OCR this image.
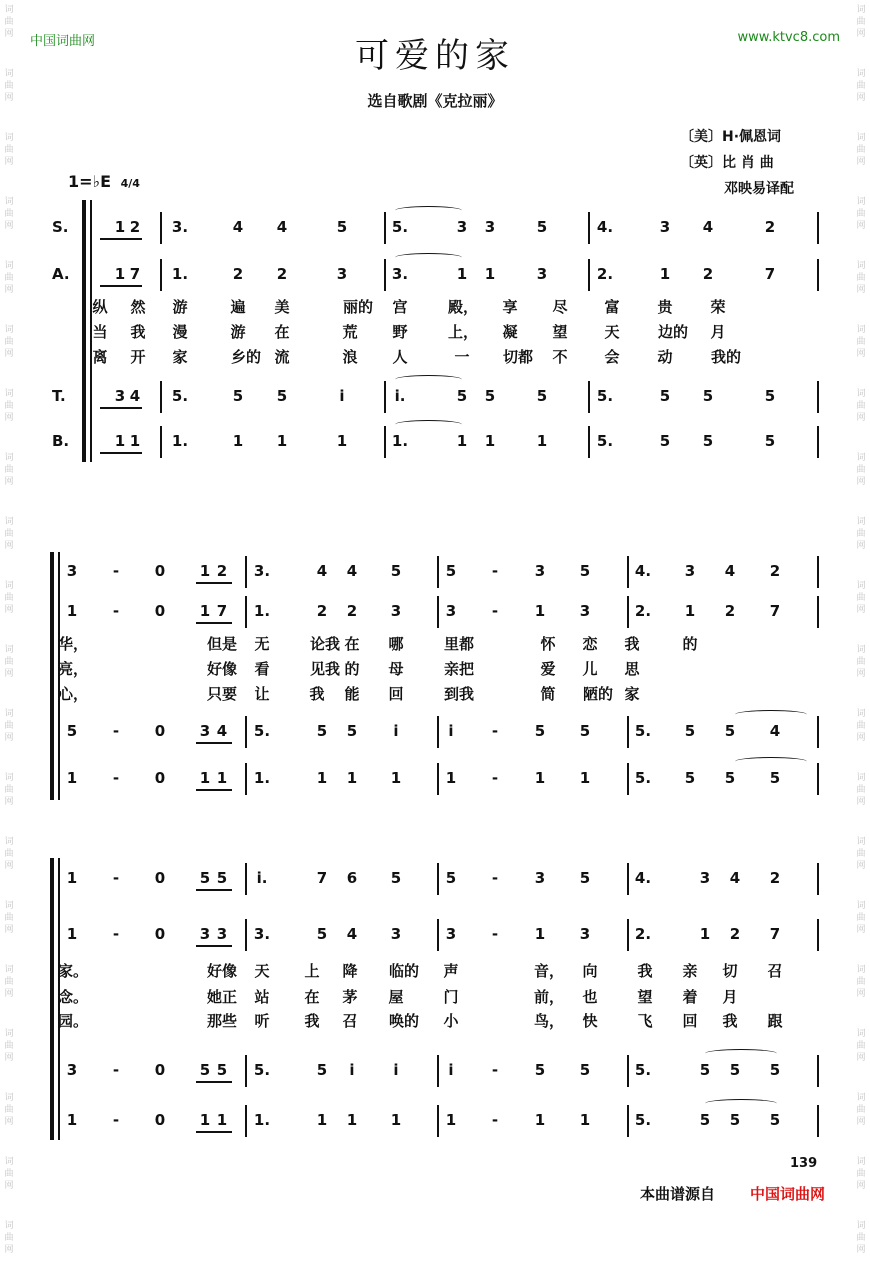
词
曲
网
词
曲
网
词
曲
网
词
曲
网
词
曲
网
词
曲
网
词
曲
网
词
曲
网
词
曲
网
词
曲
网
词
曲
网
词
曲
网
词
曲
网
词
曲
网
词
曲
网
词
曲
网
词
曲
网
词
曲
网
词
曲
网
词
曲
网
词
曲
网
词
曲
网
词
曲
网
词
曲
网
词
曲
网
词
曲
网
词
曲
网
词
曲
网
词
曲
网
词
曲
网
词
曲
网
词
曲
网
词
曲
网
词
曲
网
词
曲
网
词
曲
网
词
曲
网
词
曲
网
词
曲
网
词
曲
网
中国词曲网	www.ktvc8.com
可爱的家
选自歌剧《克拉丽》
〔美〕H·佩恩词
〔英〕比 肖 曲
邓映易译配
1=♭E 4/4
S.	1 2	3.	4	4	5	5.	3	3	5	4.	3	4	2
A.	1 7	1.	2	2	3	3.	1	1	3	2.	1	2	7
纵	然	游	遍	美	丽的	宫	殿，	享	尽	富	贵	荣
当	我	漫	游	在	荒	野	上，	凝	望	天	边的	月
离	开	家	乡的 流	浪	人	一	切都	不	会	动	我的
T.	3 4	5.	5	5	i	i.	5	5	5	5.	5	5	5
B.	1 1	1.	1	1	1	1.	1	1	1	5.	5	5	5
3	-	0	1 2	3.	4	4	5	5	-	3	5	4.	3	4	2
1	-	0	1 7	1.	2	2	3	3	-	1	3	2.	1	2	7
华，	但是	无	论我 在	哪	里都	怀	恋	我	的
亮，	好像	看	见我 的	母	亲把	爱	儿	思
心，	只要	让	我	能	回	到我	简	陋的 家
5	-	0	3 4	5.	5	5	i	i	-	5	5	5.	5	5	4
1	-	0	1 1	1.	1	1	1	1	-	1	1	5.	5	5	5
1	-	0	5 5	i.	7	6	5	5	-	3	5	4.	3	4	2
1	-	0	3 3	3.	5	4	3	3	-	1	3	2.	1	2	7
家。	好像	天	上	降	临的	声	音，	向	我	亲	切	召
念。	她正	站	在	茅	屋	门	前，	也	望	着	月
园。	那些	听	我	召	唤的	小	鸟，	快	飞	回	我	跟
3	-	0	5 5	5.	5	i	i	i	-	5	5	5.	5	5	5
1	-	0	1 1	1.	1	1	1	1	-	1	1	5.	5	5	5
139
本曲谱源自 中国词曲网
